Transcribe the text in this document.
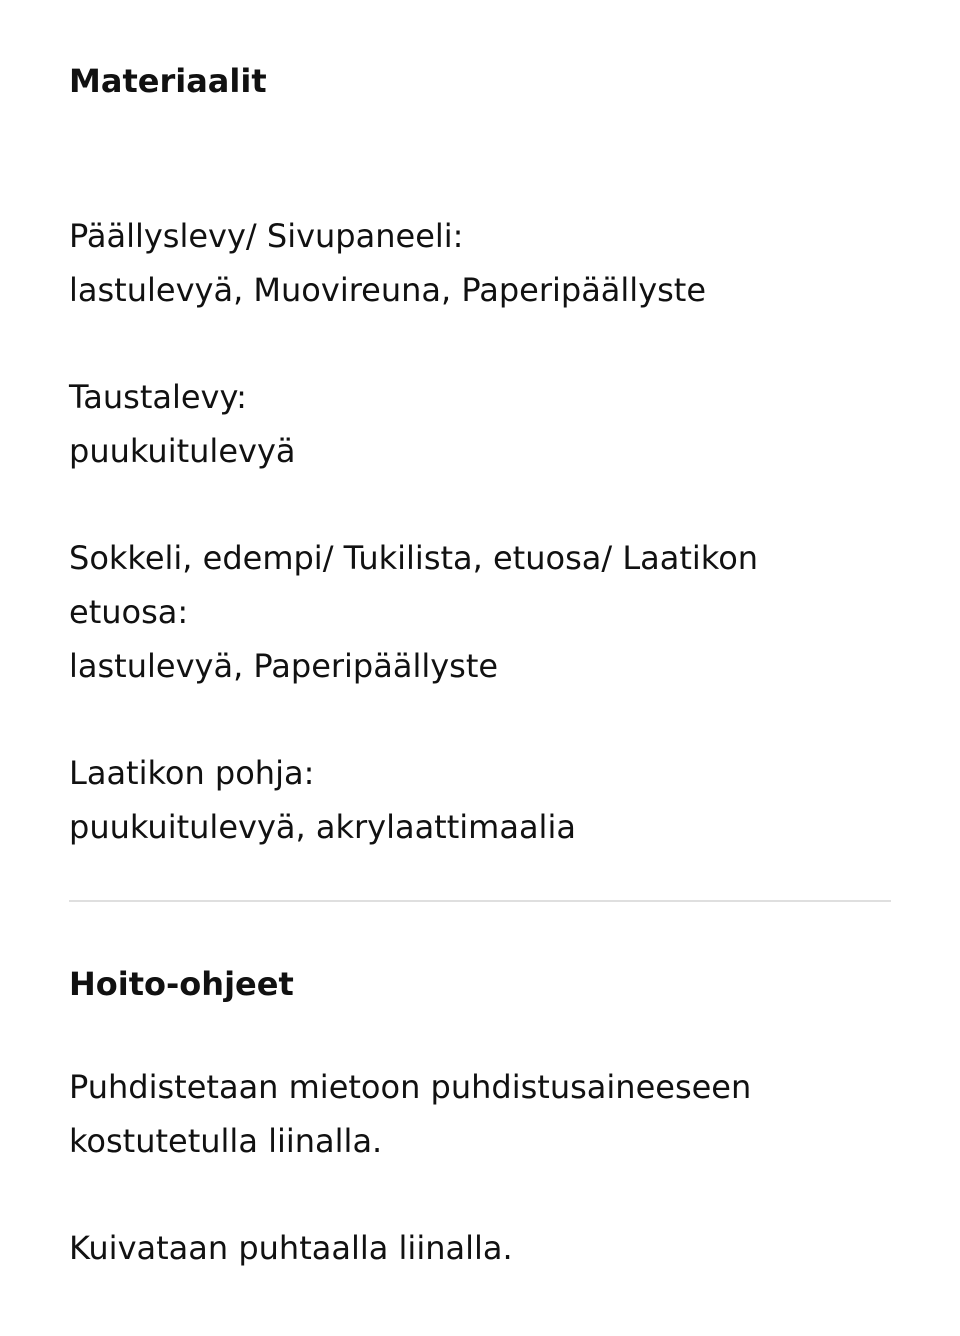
Materiaalit
Päällyslevy/ Sivupaneeli:
lastulevyä, Muovireuna, Paperipäällyste
Taustalevy:
puukuitulevyä
Sokkeli, edempi/ Tukilista, etuosa/ Laatikon etuosa:
lastulevyä, Paperipäällyste
Laatikon pohja:
puukuitulevyä, akrylaattimaalia
Hoito-ohjeet

Puhdistetaan mietoon puhdistusaineeseen kostutetulla liinalla.

Kuivataan puhtaalla liinalla.
